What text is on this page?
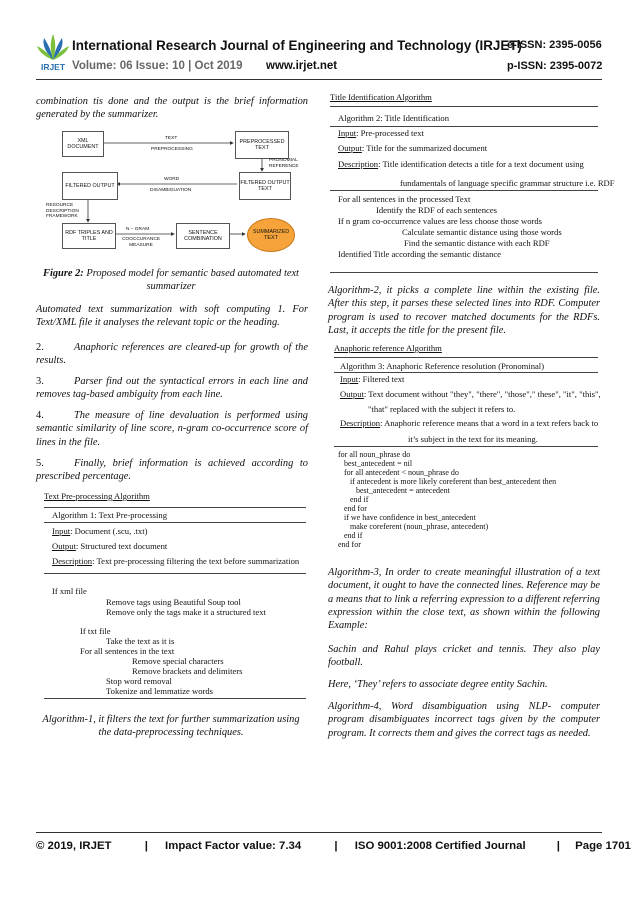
IRJET
International Research Journal of Engineering and Technology (IRJET)
e-ISSN: 2395-0056
Volume: 06 Issue: 10 | Oct 2019 www.irjet.net	p-ISSN: 2395-0072

combination tis done and the output is the brief information generated by the summarizer.

XML DOCUMENT
PREPROCESSED TEXT
FILTERED OUTPUT
FILTERED OUTPUT TEXT
RDF TRIPLES AND TITLE
SENTENCE COMBINATION
SUMMARIZED TEXT
TEXT
PREPROCESSING
PRONOMIAL REFERENCE
WORD
DISAMBIGUATION
RESOURCE DESCRIPTION FRAMEWORK
N – GRAM
COOCCURANCE MEASURE
Figure 2: Proposed model for semantic based automated text summarizer

Automated text summarization with soft computing 1. For Text/XML file it analyses the relevant topic or the heading.

2.	Anaphoric references are cleared-up for growth of the results.
3.	Parser find out the syntactical errors in each line and removes tag-based ambiguity from each line.
4.	The measure of line devaluation is performed using semantic similarity of line score, n-gram co-occurrence score of lines in the file.
5.	Finally, brief information is achieved according to prescribed percentage.
Text Pre-processing Algorithm
Algorithm 1: Text Pre-processing
Input: Document (.scu, .txt)
Output: Structured text document
Description: Text pre-processing filtering the text before summarization
If xml file
Remove tags using Beautiful Soup tool
Remove only the tags make it a structured text
If txt file
Take the text as it is
For all sentences in the text
Remove special characters
Remove brackets and delimiters
Stop word removal
Tokenize and lemmatize words
Algorithm-1, it filters the text for further summarization using the data-preprocessing techniques.
Title Identification Algorithm
Algorithm 2: Title Identification
Input: Pre-processed text
Output: Title for the summarized document
Description: Title identification detects a title for a text document using
fundamentals of language specific grammar structure i.e. RDF
For all sentences in the processed Text
Identify the RDF of each sentences
If n gram co-occurrence values are less choose those words
Calculate semantic distance using those words
Find the semantic distance with each RDF
Identified Title according the semantic distance

Algorithm-2, it picks a complete line within the existing file. After this step, it parses these selected lines into RDF. Computer program is used to recover matched documents for the RDFs. Last, it accepts the title for the present file.

Anaphoric reference Algorithm
Algorithm 3: Anaphoric Reference resolution (Pronominal)
Input: Filtered text
Output: Text document without "they", "there", "those"," these", "it", "this",
"that" replaced with the subject it refers to.
Description: Anaphoric reference means that a word in a text refers back to
it’s subject in the text for its meaning.
for all noun_phrase do
best_antecedent = nil
for all antecedent < noun_phrase do
if antecedent is more likely coreferent than best_antecedent then
best_antecedent = antecedent
end if
end for
if we have confidence in best_antecedent
make coreferent (noun_phrase, antecedent)
end if
end for

Algorithm-3, In order to create meaningful illustration of a text document, it ought to have the connected lines. Reference may be a means that to link a referring expression to a different referring expression within the close text, as shown within the following Example:

Sachin and Rahul plays cricket and tennis. They also play football.

Here, ‘They’ refers to associate degree entity Sachin.

Algorithm-4, Word disambiguation using NLP- computer program disambiguates incorrect tags given by the computer program. It corrects them and gives the correct tags as needed.

© 2019, IRJET	| Impact Factor value: 7.34	| ISO 9001:2008 Certified Journal	| Page 1701
